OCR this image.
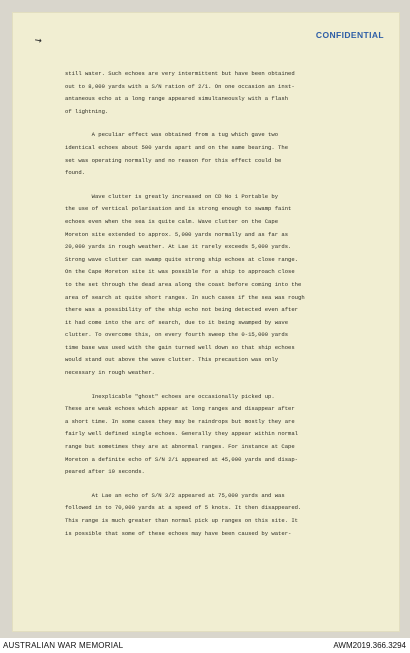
↘	CONFIDENTIAL
still water. Such echoes are very intermittent but have been obtained
out to 8,000 yards with a S/N ration of 2/1. On one occasion an inst-
antaneous echo at a long range appeared simultaneously with a flash
of lightning.
A peculiar effect was obtained from a tug which gave two
identical echoes about 500 yards apart and on the same bearing. The
set was operating normally and no reason for this effect could be
found.
Wave clutter is greatly increased on CD No 1 Portable by
the use of vertical polarisation and is strong enough to swamp faint
echoes even when the sea is quite calm. Wave clutter on the Cape
Moreton site extended to approx. 5,000 yards normally and as far as
20,000 yards in rough weather. At Lae it rarely exceeds 5,000 yards.
Strong wave clutter can swamp quite strong ship echoes at close range.
On the Cape Moreton site it was possible for a ship to approach close
to the set through the dead area along the coast before coming into the
area of search at quite short ranges. In such cases if the sea was rough
there was a possibility of the ship echo not being detected even after
it had come into the arc of search, due to it being swamped by wave
clutter. To overcome this, on every fourth sweep the 0-15,000 yards
time base was used with the gain turned well down so that ship echoes
would stand out above the wave clutter. This precaution was only
necessary in rough weather.
Inexplicable "ghost" echoes are occasionally picked up.
These are weak echoes which appear at long ranges and disappear after
a short time. In some cases they may be raindrops but mostly they are
fairly well defined single echoes. Generally they appear within normal
range but sometimes they are at abnormal ranges. For instance at Cape
Moreton a definite echo of S/N 2/1 appeared at 45,000 yards and disap-
peared after 10 seconds.
At Lae an echo of S/N 3/2 appeared at 75,000 yards and was
followed in to 70,000 yards at a speed of 5 knots. It then disappeared.
This range is much greater than normal pick up ranges on this site. It
is possible that some of these echoes may have been caused by water-
AUSTRALIAN WAR MEMORIAL	AWM2019.366.3294
